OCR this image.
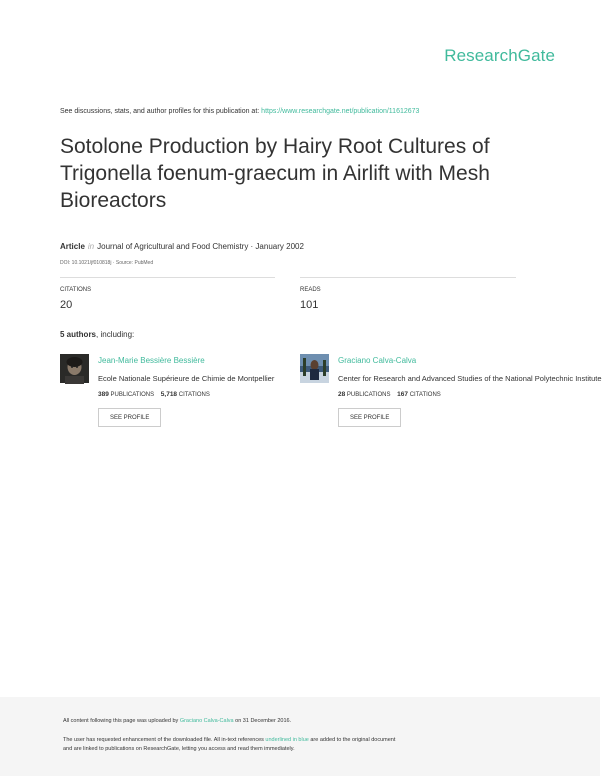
ResearchGate
See discussions, stats, and author profiles for this publication at: https://www.researchgate.net/publication/11612673
Sotolone Production by Hairy Root Cultures of Trigonella foenum-graecum in Airlift with Mesh Bioreactors
Article in Journal of Agricultural and Food Chemistry · January 2002
DOI: 10.1021/jf010818j · Source: PubMed
CITATIONS
20
READS
101
5 authors, including:
Jean-Marie Bessière Bessière
Ecole Nationale Supérieure de Chimie de Montpellier
389 PUBLICATIONS 5,718 CITATIONS
SEE PROFILE
Graciano Calva-Calva
Center for Research and Advanced Studies of the National Polytechnic Institute
28 PUBLICATIONS 167 CITATIONS
SEE PROFILE
All content following this page was uploaded by Graciano Calva-Calva on 31 December 2016.
The user has requested enhancement of the downloaded file. All in-text references underlined in blue are added to the original document
and are linked to publications on ResearchGate, letting you access and read them immediately.
